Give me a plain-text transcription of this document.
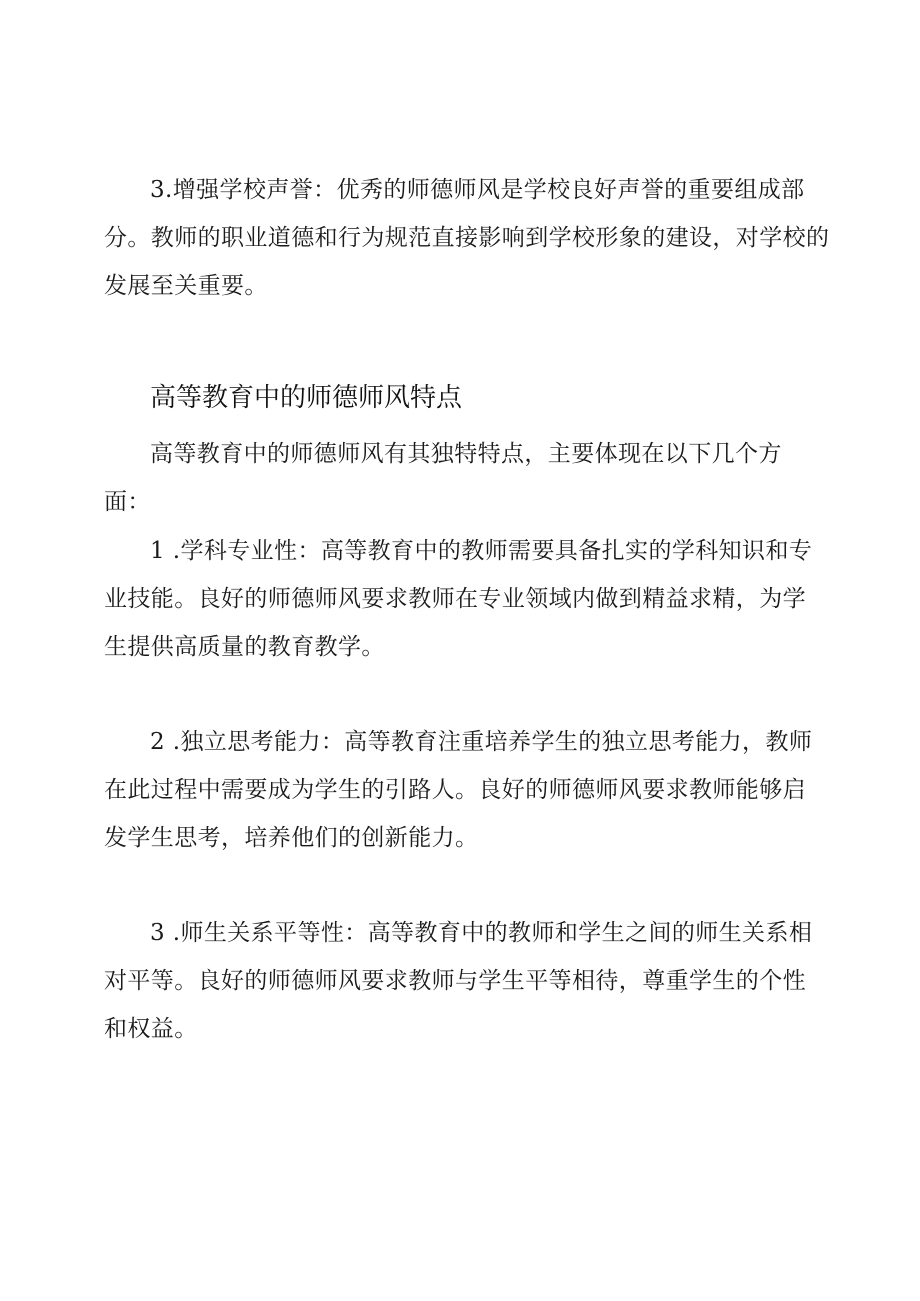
3.增强学校声誉：优秀的师德师风是学校良好声誉的重要组成部分。教师的职业道德和行为规范直接影响到学校形象的建设，对学校的发展至关重要。

高等教育中的师德师风特点

高等教育中的师德师风有其独特特点，主要体现在以下几个方面：

1 .学科专业性：高等教育中的教师需要具备扎实的学科知识和专业技能。良好的师德师风要求教师在专业领域内做到精益求精，为学生提供高质量的教育教学。

2 .独立思考能力：高等教育注重培养学生的独立思考能力，教师在此过程中需要成为学生的引路人。良好的师德师风要求教师能够启发学生思考，培养他们的创新能力。

3 .师生关系平等性：高等教育中的教师和学生之间的师生关系相对平等。良好的师德师风要求教师与学生平等相待，尊重学生的个性和权益。
